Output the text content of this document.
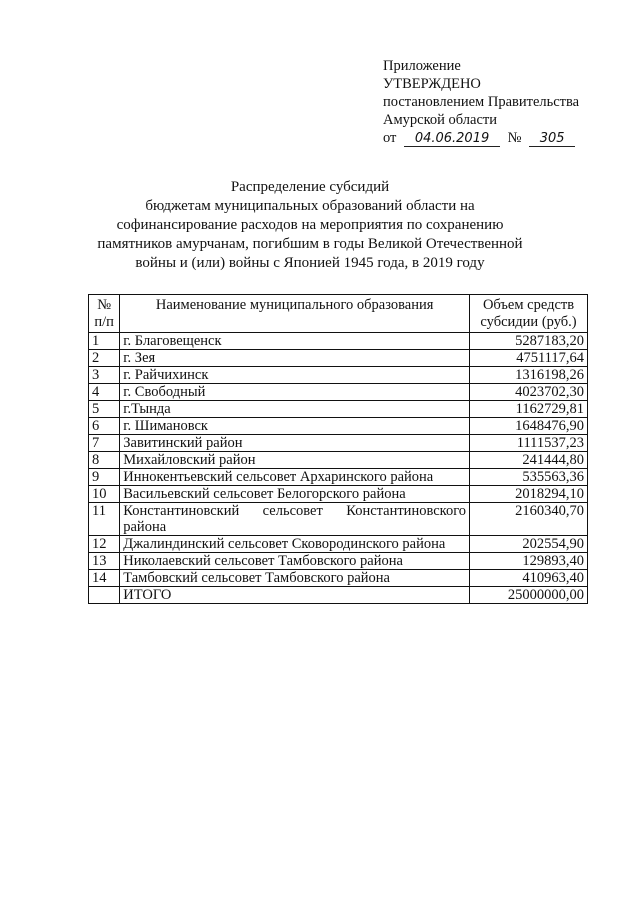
Приложение
УТВЕРЖДЕНО
постановлением Правительства
Амурской области
от 04.06.2019 № 305
Распределение субсидий
бюджетам муниципальных образований области на софинансирование расходов на мероприятия по сохранению памятников амурчанам, погибшим в годы Великой Отечественной войны и (или) войны с Японией 1945 года, в 2019 году
№ п/п	Наименование муниципального образования	Объем средств субсидии (руб.)
1	г. Благовещенск	5287183,20
2	г. Зея	4751117,64
3	г. Райчихинск	1316198,26
4	г. Свободный	4023702,30
5	г.Тында	1162729,81
6	г. Шимановск	1648476,90
7	Завитинский район	1111537,23
8	Михайловский район	241444,80
9	Иннокентьевский сельсовет Архаринского района	535563,36
10	Васильевский сельсовет Белогорского района	2018294,10
11	Константиновский сельсовет Константиновского района	2160340,70
12	Джалиндинский сельсовет Сковородинского района	202554,90
13	Николаевский сельсовет Тамбовского района	129893,40
14	Тамбовский сельсовет Тамбовского района	410963,40
	ИТОГО	25000000,00
